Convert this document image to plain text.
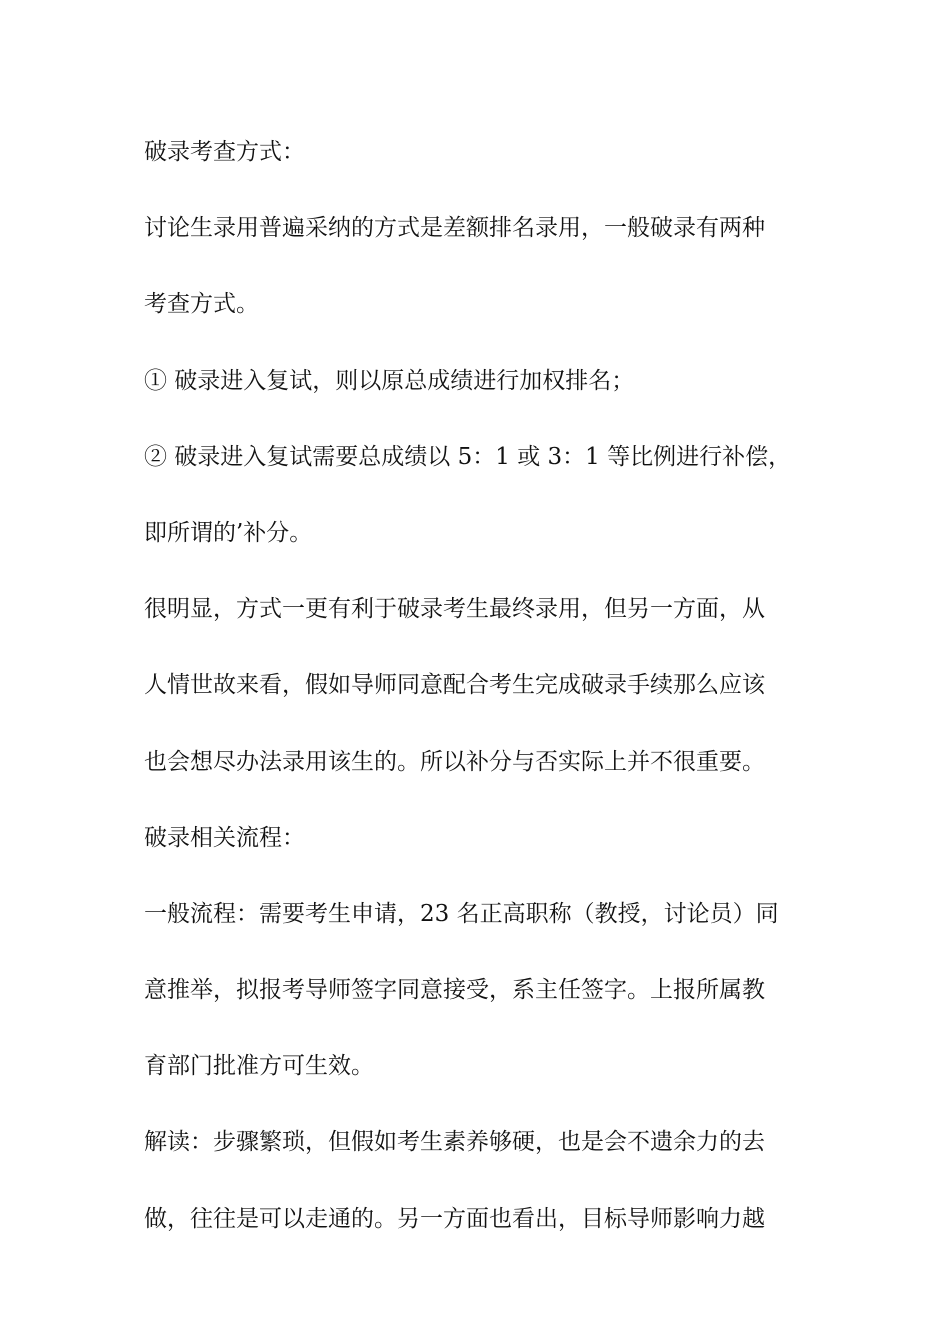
破录考查方式：
讨论生录用普遍采纳的方式是差额排名录用，一般破录有两种
考查方式。
① 破录进入复试，则以原总成绩进行加权排名；
② 破录进入复试需要总成绩以 5：1 或 3：1 等比例进行补偿，
即所谓的’补分。
很明显，方式一更有利于破录考生最终录用，但另一方面，从
人情世故来看，假如导师同意配合考生完成破录手续那么应该
也会想尽办法录用该生的。所以补分与否实际上并不很重要。
破录相关流程：
一般流程：需要考生申请，23 名正高职称（教授，讨论员）同
意推举，拟报考导师签字同意接受，系主任签字。上报所属教
育部门批准方可生效。
解读：步骤繁琐，但假如考生素养够硬，也是会不遗余力的去
做，往往是可以走通的。另一方面也看出，目标导师影响力越
